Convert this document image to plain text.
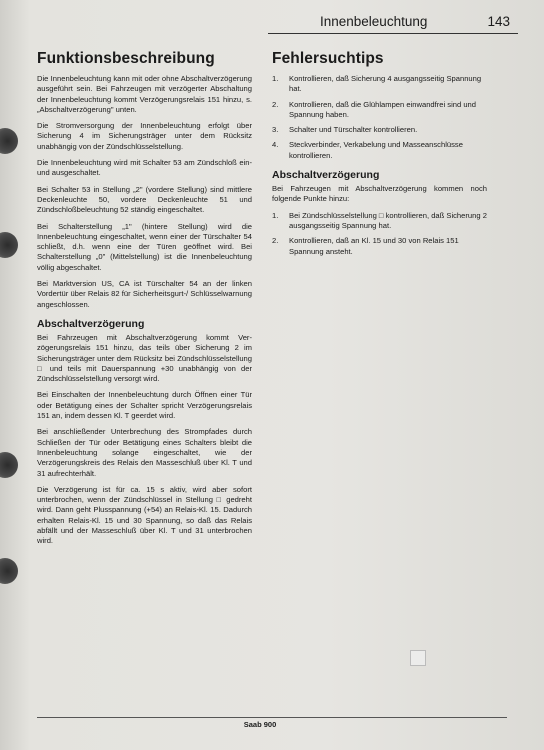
Innenbeleuchtung	143
Funktionsbeschreibung

Die Innenbeleuchtung kann mit oder ohne Abschaltverzögerung ausgeführt sein. Bei Fahrzeugen mit verzögerter Abschaltung der Innenbeleuchtung kommt Verzögerungsrelais 151 hinzu, s. „Abschaltverzögerung" unten.

Die Stromversorgung der Innenbeleuchtung erfolgt über Sicherung 4 im Sicherungsträger unter dem Rücksitz unabhängig von der Zündschlüsselstellung.

Die Innenbeleuchtung wird mit Schalter 53 am Zündschloß ein- und ausgeschaltet.

Bei Schalter 53 in Stellung „2" (vordere Stellung) sind mittlere Deckenleuchte 50, vordere Deckenleuchte 51 und Zündschloßbeleuchtung 52 ständig eingeschaltet.

Bei Schalterstellung „1" (hintere Stellung) wird die Innenbeleuchtung eingeschaltet, wenn einer der Türschalter 54 schließt, d.h. wenn eine der Türen geöffnet wird. Bei Schalterstellung „0" (Mittelstellung) ist die Innenbeleuchtung völlig abgeschaltet.

Bei Marktversion US, CA ist Türschalter 54 an der linken Vordertür über Relais 82 für Sicherheitsgurt-/ Schlüsselwarnung angeschlossen.

Abschaltverzögerung

Bei Fahrzeugen mit Abschaltverzögerung kommt Verzögerungsrelais 151 hinzu, das teils über Sicherung 2 im Sicherungsträger unter dem Rücksitz bei Zündschlüsselstellung □ und teils mit Dauerspannung +30 unabhängig von der Zündschlüsselstellung versorgt wird.

Bei Einschalten der Innenbeleuchtung durch Öffnen einer Tür oder Betätigung eines der Schalter spricht Verzögerungsrelais 151 an, indem dessen Kl. T geerdet wird.

Bei anschließender Unterbrechung des Strompfades durch Schließen der Tür oder Betätigung eines Schalters bleibt die Innenbeleuchtung solange eingeschaltet, wie der Verzögerungskreis des Relais den Masseschluß über Kl. T und 31 aufrechterhält.

Die Verzögerung ist für ca. 15 s aktiv, wird aber sofort unterbrochen, wenn der Zündschlüssel in Stellung □ gedreht wird. Dann geht Plusspannung (+54) an Relais-Kl. 15. Dadurch erhalten Relais-Kl. 15 und 30 Spannung, so daß das Relais abfällt und der Masseschluß über Kl. T und 31 unterbrochen wird.

Fehlersuchtips
1.	Kontrollieren, daß Sicherung 4 ausgangsseitig Spannung hat.
2.	Kontrollieren, daß die Glühlampen einwandfrei sind und Spannung haben.
3.	Schalter und Türschalter kontrollieren.
4.	Steckverbinder, Verkabelung und Masseanschlüsse kontrollieren.
Abschaltverzögerung

Bei Fahrzeugen mit Abschaltverzögerung kommen noch folgende Punkte hinzu:

1.	Bei Zündschlüsselstellung □ kontrollieren, daß Sicherung 2 ausgangsseitig Spannung hat.
2.	Kontrollieren, daß an Kl. 15 und 30 von Relais 151 Spannung ansteht.
Saab 900
